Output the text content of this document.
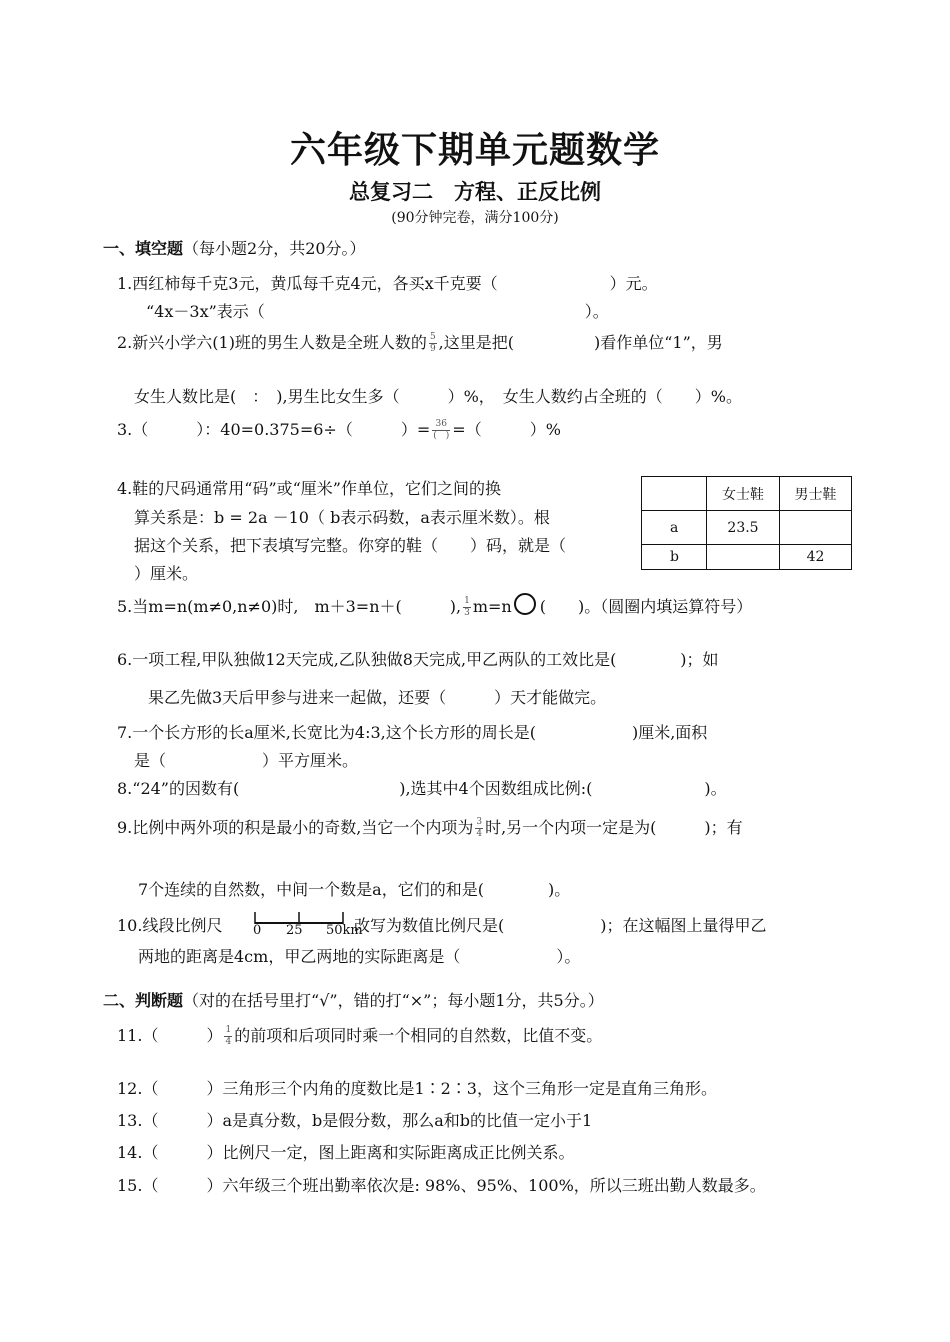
六年级下期单元题数学
总复习二　方程、正反比例
(90分钟完卷，满分100分)
一、填空题（每小题2分，共20分。）
1.西红柿每千克3元，黄瓜每千克4元，各买x千克要（　　　　　　　）元。
“4x－3x”表示（　　　　　　　　　　　　　　　　　　　　）。
2.新兴小学六(1)班的男生人数是全班人数的 $\frac{5}{9}$ ,这里是把(　　　　　)看作单位“1”，男
女生人数比是(　：　),男生比女生多（　　　）%，　女生人数约占全班的（　　）%。
3.（　　　）：40=0.375=6÷（　　　）= $\frac{36}{( )}$ =（　　　）%
4.鞋的尺码通常用“码”或“厘米”作单位，它们之间的换
算关系是：b = 2a －10（ b表示码数，a表示厘米数）。根
据这个关系，把下表填写完整。你穿的鞋（　　）码，就是（
）厘米。
	女士鞋	男士鞋
a	23.5	
b		42
5.当m=n(m≠0,n≠0)时,　m＋3=n＋(　　　), $\frac{1}{3} m=n$ (　　)。（圆圈内填运算符号）
6.一项工程,甲队独做12天完成,乙队独做8天完成,甲乙两队的工效比是(　　　　)；如
果乙先做3天后甲参与进来一起做，还要（　　　）天才能做完。
7.一个长方形的长a厘米,长宽比为4:3,这个长方形的周长是(　　　　　　)厘米,面积
是（　　　　　　）平方厘米。
8.“24”的因数有(　　　　　　　　　　),选其中4个因数组成比例:(　　　　　　　)。
9.比例中两外项的积是最小的奇数,当它一个内项为 $\frac{3}{4}$ 时,另一个内项一定是为(　　　)；有
7个连续的自然数，中间一个数是a，它们的和是(　　　　)。
10.线段比例尺 0 25 50km
改写为数值比例尺是(　　　　　　)；在这幅图上量得甲乙
两地的距离是4cm，甲乙两地的实际距离是（　　　　　　）。
二、判断题（对的在括号里打“√”，错的打“×”；每小题1分，共5分。）
11.（　　　） $\frac{1}{4}$ 的前项和后项同时乘一个相同的自然数，比值不变。
12.（　　　）三角形三个内角的度数比是1∶2∶3，这个三角形一定是直角三角形。
13.（　　　）a是真分数，b是假分数，那么a和b的比值一定小于1
14.（　　　）比例尺一定，图上距离和实际距离成正比例关系。
15.（　　　）六年级三个班出勤率依次是: 98%、95%、100%，所以三班出勤人数最多。
